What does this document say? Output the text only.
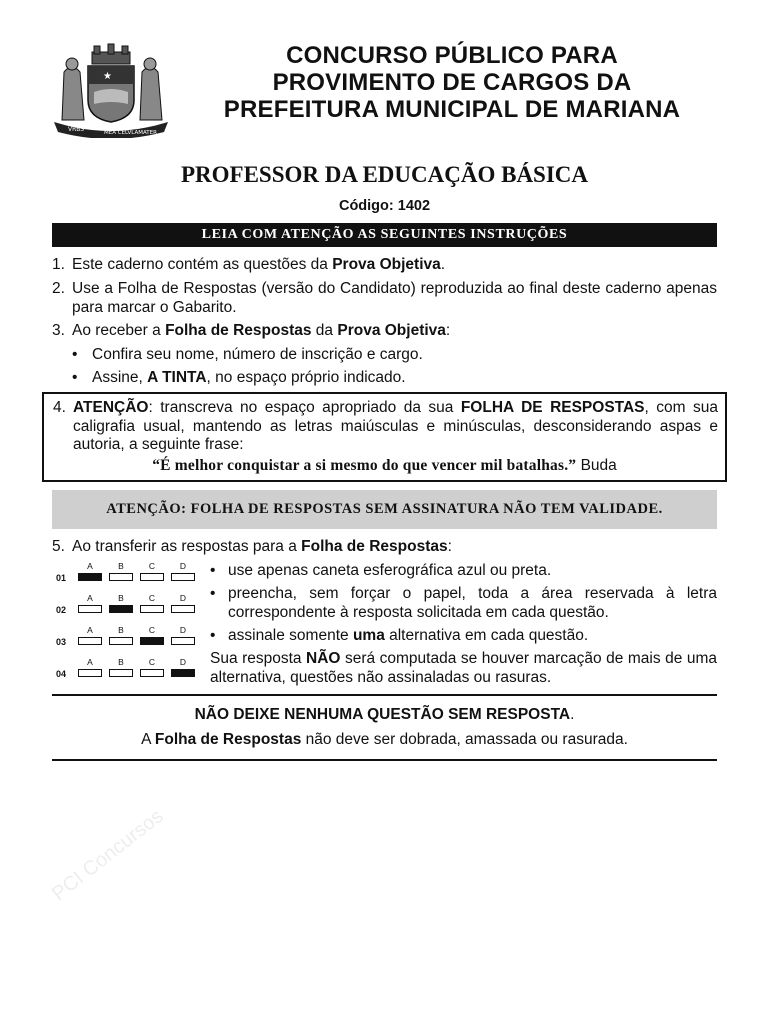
VRBS	MEA CELVLAMATER
★
CONCURSO PÚBLICO PARA
PROVIMENTO DE CARGOS DA
PREFEITURA MUNICIPAL DE MARIANA
PROFESSOR DA EDUCAÇÃO BÁSICA
Código: 1402
LEIA COM ATENÇÃO AS SEGUINTES INSTRUÇÕES
1. Este caderno contém as questões da Prova Objetiva.
2. Use a Folha de Respostas (versão do Candidato) reproduzida ao final deste caderno apenas para marcar o Gabarito.
3. Ao receber a Folha de Respostas da Prova Objetiva:
• Confira seu nome, número de inscrição e cargo.
• Assine, A TINTA, no espaço próprio indicado.
4. ATENÇÃO: transcreva no espaço apropriado da sua FOLHA DE RESPOSTAS, com sua caligrafia usual, mantendo as letras maiúsculas e minúsculas, desconsiderando aspas e autoria, a seguinte frase:
“É melhor conquistar a si mesmo do que vencer mil batalhas.” Buda
ATENÇÃO: FOLHA DE RESPOSTAS SEM ASSINATURA NÃO TEM VALIDADE.
5. Ao transferir as respostas para a Folha de Respostas:
01
A	B	C	D
02
A	B	C	D
03
A	B	C	D
04
A	B	C	D
• use apenas caneta esferográfica azul ou preta.
• preencha, sem forçar o papel, toda a área reservada à letra correspondente à resposta solicitada em cada questão.
• assinale somente uma alternativa em cada questão.
Sua resposta NÃO será computada se houver marcação de mais de uma alternativa, questões não assinaladas ou rasuras.
NÃO DEIXE NENHUMA QUESTÃO SEM RESPOSTA.
A Folha de Respostas não deve ser dobrada, amassada ou rasurada.
PCI Concursos
